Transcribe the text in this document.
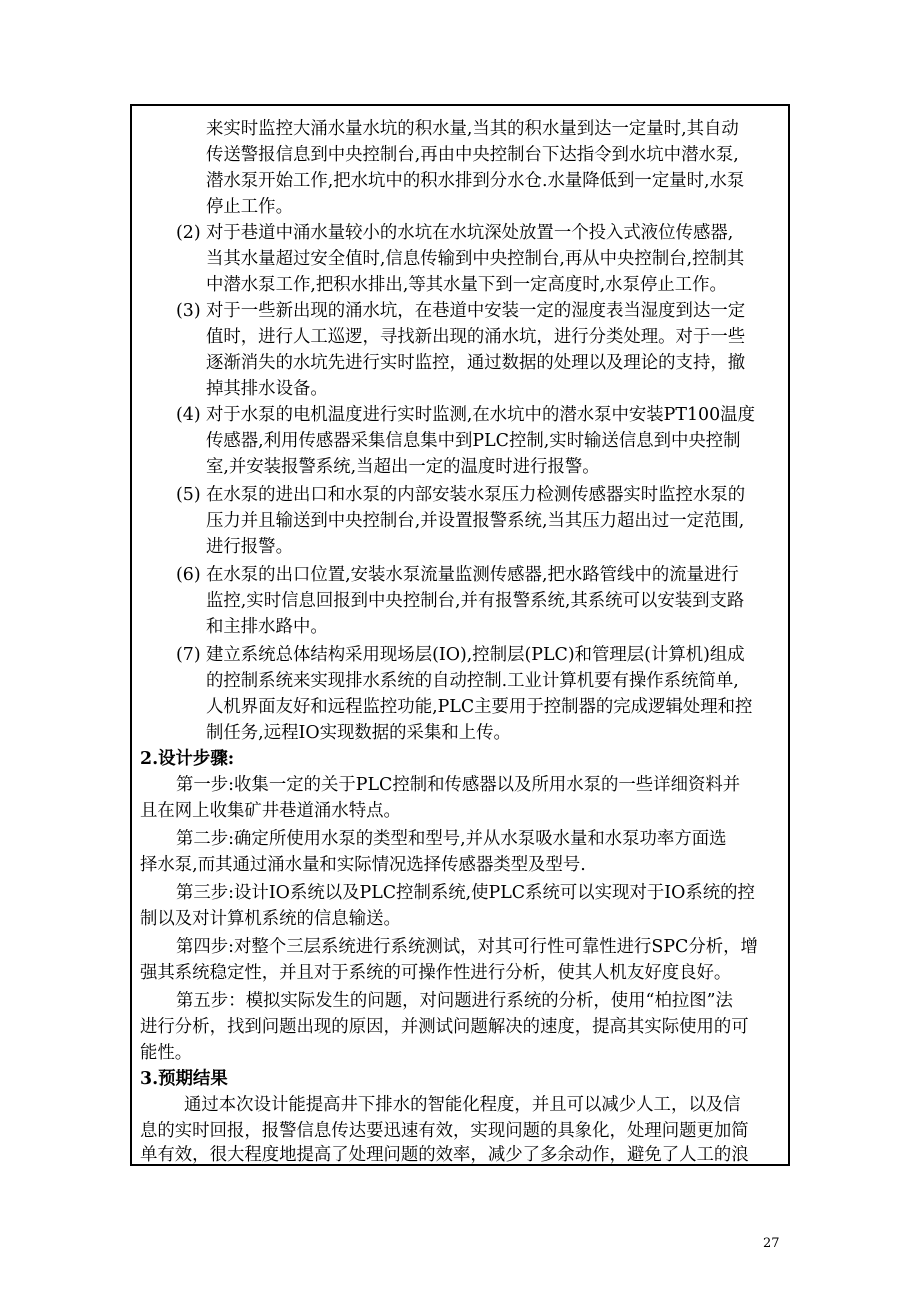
来实时监控大涌水量水坑的积水量,当其的积水量到达一定量时,其自动
传送警报信息到中央控制台,再由中央控制台下达指令到水坑中潜水泵,
潜水泵开始工作,把水坑中的积水排到分水仓.水量降低到一定量时,水泵
停止工作。
(2) 对于巷道中涌水量较小的水坑在水坑深处放置一个投入式液位传感器,
当其水量超过安全值时,信息传输到中央控制台,再从中央控制台,控制其
中潜水泵工作,把积水排出,等其水量下到一定高度时,水泵停止工作。
(3) 对于一些新出现的涌水坑，在巷道中安装一定的湿度表当湿度到达一定
值时，进行人工巡逻，寻找新出现的涌水坑，进行分类处理。对于一些
逐渐消失的水坑先进行实时监控，通过数据的处理以及理论的支持，撤
掉其排水设备。
(4) 对于水泵的电机温度进行实时监测,在水坑中的潜水泵中安装PT100温度
传感器,利用传感器采集信息集中到PLC控制,实时输送信息到中央控制
室,并安装报警系统,当超出一定的温度时进行报警。
(5) 在水泵的进出口和水泵的内部安装水泵压力检测传感器实时监控水泵的
压力并且输送到中央控制台,并设置报警系统,当其压力超出过一定范围,
进行报警。
(6) 在水泵的出口位置,安装水泵流量监测传感器,把水路管线中的流量进行
监控,实时信息回报到中央控制台,并有报警系统,其系统可以安装到支路
和主排水路中。
(7) 建立系统总体结构采用现场层(IO),控制层(PLC)和管理层(计算机)组成
的控制系统来实现排水系统的自动控制.工业计算机要有操作系统简单,
人机界面友好和远程监控功能,PLC主要用于控制器的完成逻辑处理和控
制任务,远程IO实现数据的采集和上传。
2.设计步骤:
第一步:收集一定的关于PLC控制和传感器以及所用水泵的一些详细资料并
且在网上收集矿井巷道涌水特点。
第二步:确定所使用水泵的类型和型号,并从水泵吸水量和水泵功率方面选
择水泵,而其通过涌水量和实际情况选择传感器类型及型号.
第三步:设计IO系统以及PLC控制系统,使PLC系统可以实现对于IO系统的控
制以及对计算机系统的信息输送。
第四步:对整个三层系统进行系统测试，对其可行性可靠性进行SPC分析，增
强其系统稳定性，并且对于系统的可操作性进行分析，使其人机友好度良好。
第五步：模拟实际发生的问题，对问题进行系统的分析，使用“柏拉图”法
进行分析，找到问题出现的原因，并测试问题解决的速度，提高其实际使用的可
能性。
3.预期结果
通过本次设计能提高井下排水的智能化程度，并且可以减少人工，以及信
息的实时回报，报警信息传达要迅速有效，实现问题的具象化，处理问题更加简
单有效，很大程度地提高了处理问题的效率，减少了多余动作，避免了人工的浪
27
